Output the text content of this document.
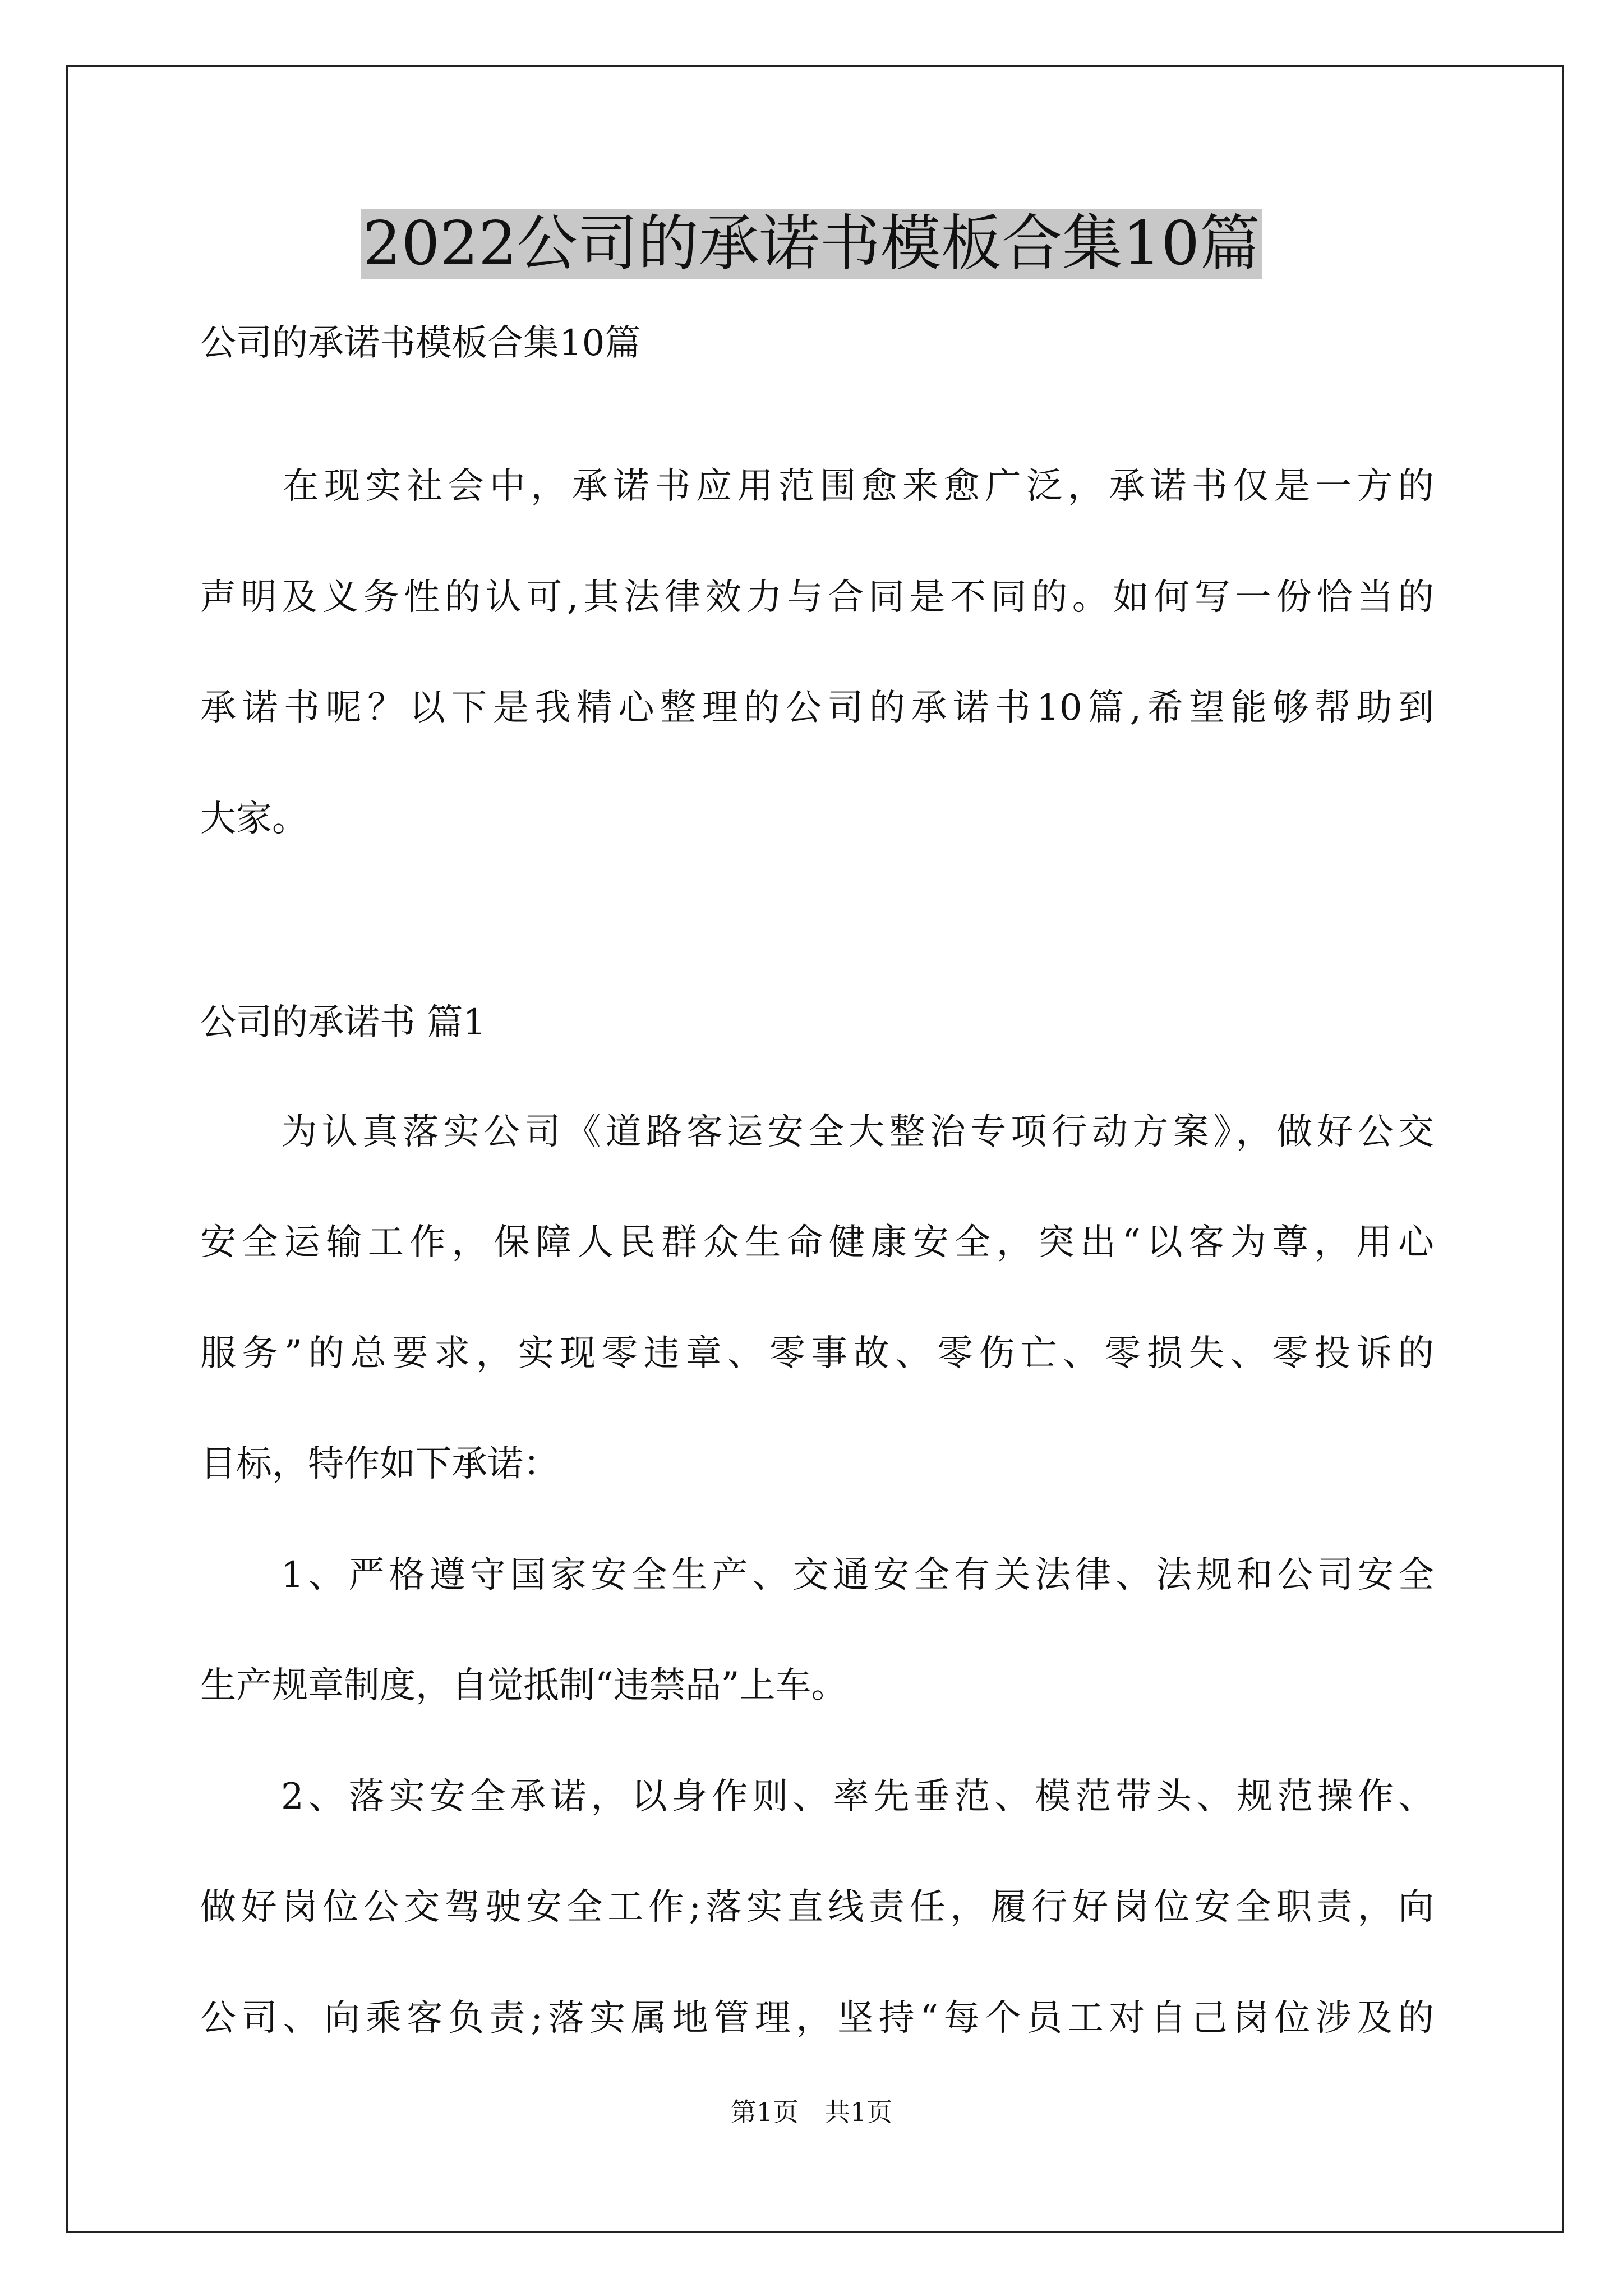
2022公司的承诺书模板合集10篇

公司的承诺书模板合集10篇

　　在现实社会中，承诺书应用范围愈来愈广泛，承诺书仅是一方的

声明及义务性的认可,其法律效力与合同是不同的。如何写一份恰当的

承诺书呢？以下是我精心整理的公司的承诺书10篇,希望能够帮助到

大家。

公司的承诺书 篇1

　　为认真落实公司《道路客运安全大整治专项行动方案》，做好公交

安全运输工作，保障人民群众生命健康安全，突出“以客为尊，用心

服务”的总要求，实现零违章、零事故、零伤亡、零损失、零投诉的

目标，特作如下承诺：

　　1、严格遵守国家安全生产、交通安全有关法律、法规和公司安全

生产规章制度，自觉抵制“违禁品”上车。

　　2、落实安全承诺，以身作则、率先垂范、模范带头、规范操作、

做好岗位公交驾驶安全工作;落实直线责任，履行好岗位安全职责，向

公司、向乘客负责;落实属地管理，坚持“每个员工对自己岗位涉及的

第1页　共1页
